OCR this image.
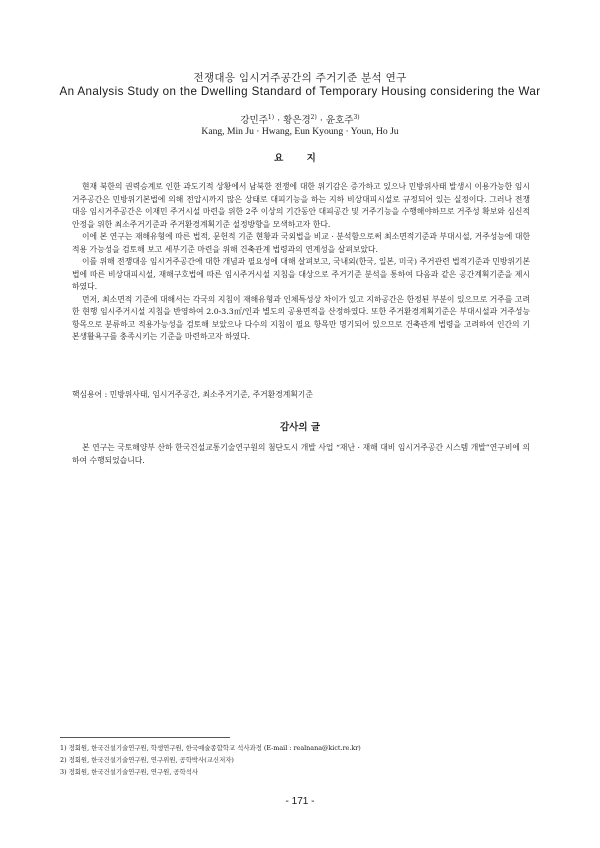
전쟁대응 임시거주공간의 주거기준 분석 연구
An Analysis Study on the Dwelling Standard of Temporary Housing considering the War
강민주$^{1)}$ · 황은경$^{2)}$ · 윤호주$^{3)}$
Kang, Min Ju · Hwang, Eun Kyoung · Youn, Ho Ju
요 지

현재 북한의 권력승계로 인한 과도기적 상황에서 남북한 전쟁에 대한 위기감은 증가하고 있으나 민방위사태 발생시 이용가능한 임시거주공간은 민방위기본법에 의해 전압시까지 많은 상태로 대피기능을 하는 지하 비상대피시설로 규정되어 있는 실정이다. 그러나 전쟁대응 임시거주공간은 이재민 주거시설 마련을 위한 2주 이상의 기간동안 대피공간 및 거주기능을 수행해야하므로 거주성 확보와 심신적 안정을 위한 최소주거기준과 주거환경계획기준 설정방향을 모색하고자 한다.

이에 본 연구는 재해유형에 따른 법적, 문헌적 기준 현황과 국외법을 비교 · 분석함으로써 최소면적기준과 부대시설, 거주성능에 대한 적용 가능성을 검토해 보고 세부기준 마련을 위해 건축관계 법령과의 연계성을 살펴보았다.

이를 위해 전쟁대응 임시거주공간에 대한 개념과 필요성에 대해 살펴보고, 국내외(한국, 일본, 미국) 주거관련 법적기준과 민방위기본법에 따른 비상대피시설, 재해구호법에 따른 임시주거시설 지침을 대상으로 주거기준 분석을 통하여 다음과 같은 공간계획기준을 제시하였다.

먼저, 최소면적 기준에 대해서는 각국의 지침이 재해유형과 인체특성상 차이가 있고 지하공간은 한정된 부분이 있으므로 거주를 고려한 현행 임시주거시설 지침을 반영하여 2.0-3.3㎡/인과 별도의 공용면적을 산정하였다. 또한 주거환경계획기준은 부대시설과 거주성능 항목으로 분류하고 적용가능성을 검토해 보았으나 다수의 지침이 필요 항목만 명기되어 있으므로 건축관계 법령을 고려하여 인간의 기본생활욕구를 충족시키는 기준을 마련하고자 하였다.

핵심용어 : 민방위사태, 임시거주공간, 최소주거기준, 주거환경계획기준
감사의 글

본 연구는 국토해양부 산하 한국건설교통기술연구원의 첨단도시 개발 사업 “재난 · 재해 대비 임시거주공간 시스템 개발”연구비에 의하여 수행되었습니다.

1) 정회원, 한국건설기술연구원, 학생연구원, 한국예술종합학교 석사과정 (E-mail : realnana@kict.re.kr)
2) 정회원, 한국건설기술연구원, 연구위원, 공학박사(교신저자)
3) 정회원, 한국건설기술연구원, 연구원, 공학석사
- 171 -
